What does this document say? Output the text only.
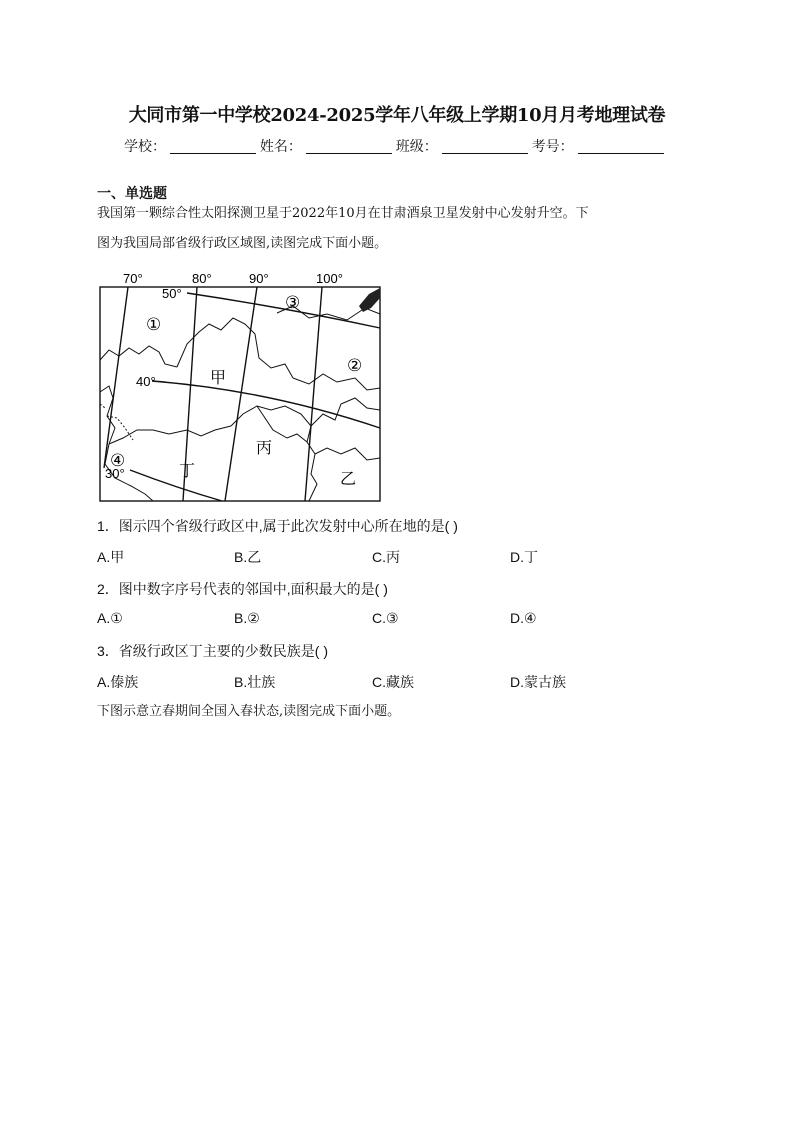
大同市第一中学校2024-2025学年八年级上学期10月月考地理试卷
学校：	姓名：	班级：	考号：
一、单选题
我国第一颗综合性太阳探测卫星于2022年10月在甘肃酒泉卫星发射中心发射升空。下
图为我国局部省级行政区域图,读图完成下面小题。
70°	80°	90°	100°
50°
40°
30°
①
②
③
④
甲
乙
丙
丁
1．图示四个省级行政区中,属于此次发射中心所在地的是( )
A.甲	B.乙	C.丙	D.丁
2．图中数字序号代表的邻国中,面积最大的是( )
A.①	B.②	C.③	D.④
3．省级行政区丁主要的少数民族是( )
A.傣族	B.壮族	C.藏族	D.蒙古族
下图示意立春期间全国入春状态,读图完成下面小题。
